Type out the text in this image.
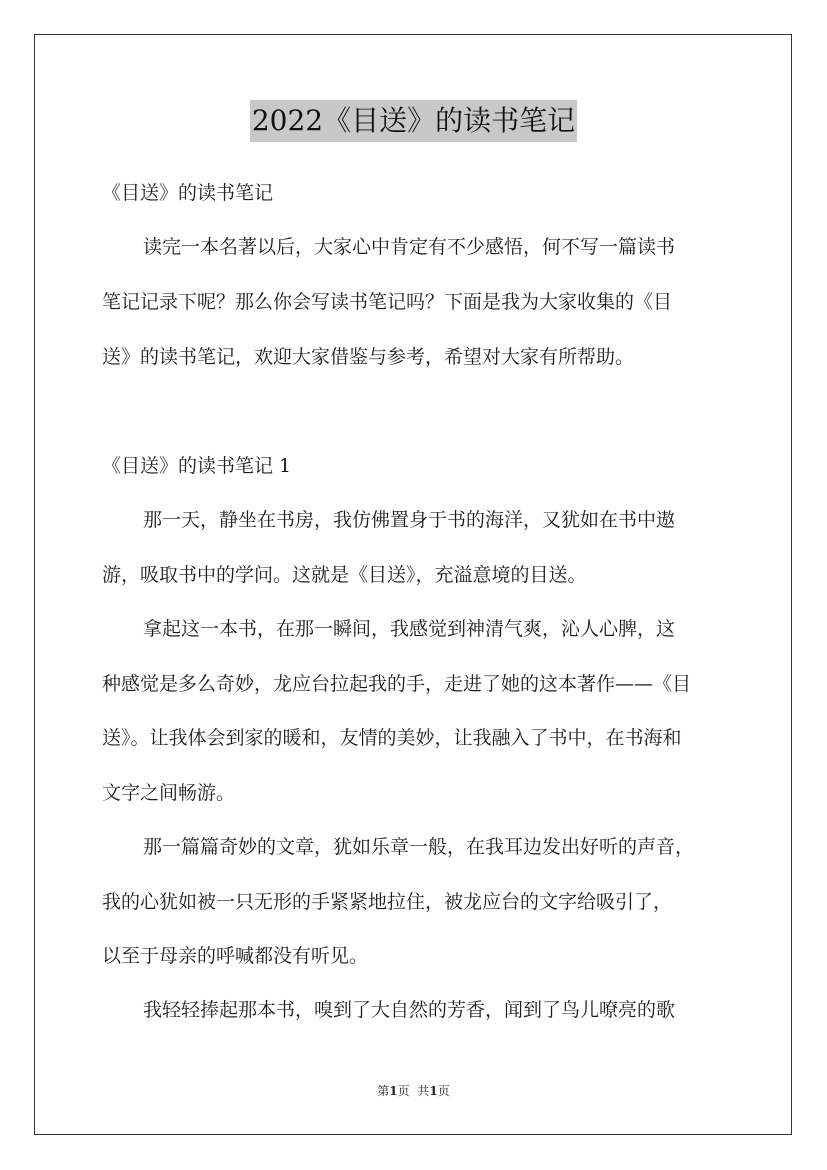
2022《目送》的读书笔记
《目送》的读书笔记
读完一本名著以后，大家心中肯定有不少感悟，何不写一篇读书
笔记记录下呢？那么你会写读书笔记吗？下面是我为大家收集的《目
送》的读书笔记，欢迎大家借鉴与参考，希望对大家有所帮助。
《目送》的读书笔记 1
那一天，静坐在书房，我仿佛置身于书的海洋，又犹如在书中遨
游，吸取书中的学问。这就是《目送》，充溢意境的目送。
拿起这一本书，在那一瞬间，我感觉到神清气爽，沁人心脾，这
种感觉是多么奇妙，龙应台拉起我的手，走进了她的这本著作——《目
送》。让我体会到家的暖和，友情的美妙，让我融入了书中，在书海和
文字之间畅游。
那一篇篇奇妙的文章，犹如乐章一般，在我耳边发出好听的声音，
我的心犹如被一只无形的手紧紧地拉住，被龙应台的文字给吸引了，
以至于母亲的呼喊都没有听见。
我轻轻捧起那本书，嗅到了大自然的芳香，闻到了鸟儿嘹亮的歌
第1页 共1页
